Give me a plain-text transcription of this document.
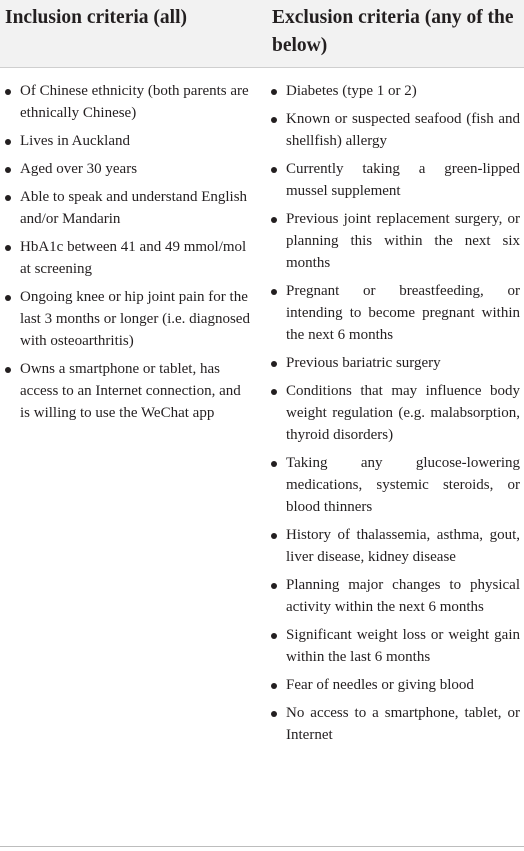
Inclusion criteria (all)	Exclusion criteria (any of the below)
Of Chinese ethnicity (both parents are ethnically Chinese)
Lives in Auckland
Aged over 30 years
Able to speak and understand English and/or Mandarin
HbA1c between 41 and 49 mmol/mol at screening
Ongoing knee or hip joint pain for the last 3 months or longer (i.e. diagnosed with osteoarthritis)
Owns a smartphone or tablet, has access to an Internet connection, and is willing to use the WeChat app
Diabetes (type 1 or 2)
Known or suspected seafood (fish and shellfish) allergy
Currently taking a green-lipped mussel supplement
Previous joint replacement surgery, or planning this within the next six months
Pregnant or breastfeeding, or intending to become pregnant within the next 6 months
Previous bariatric surgery
Conditions that may influence body weight regulation (e.g. malabsorption, thyroid disorders)
Taking any glucose-lowering medications, systemic steroids, or blood thinners
History of thalassemia, asthma, gout, liver disease, kidney disease
Planning major changes to physical activity within the next 6 months
Significant weight loss or weight gain within the last 6 months
Fear of needles or giving blood
No access to a smartphone, tablet, or Internet
